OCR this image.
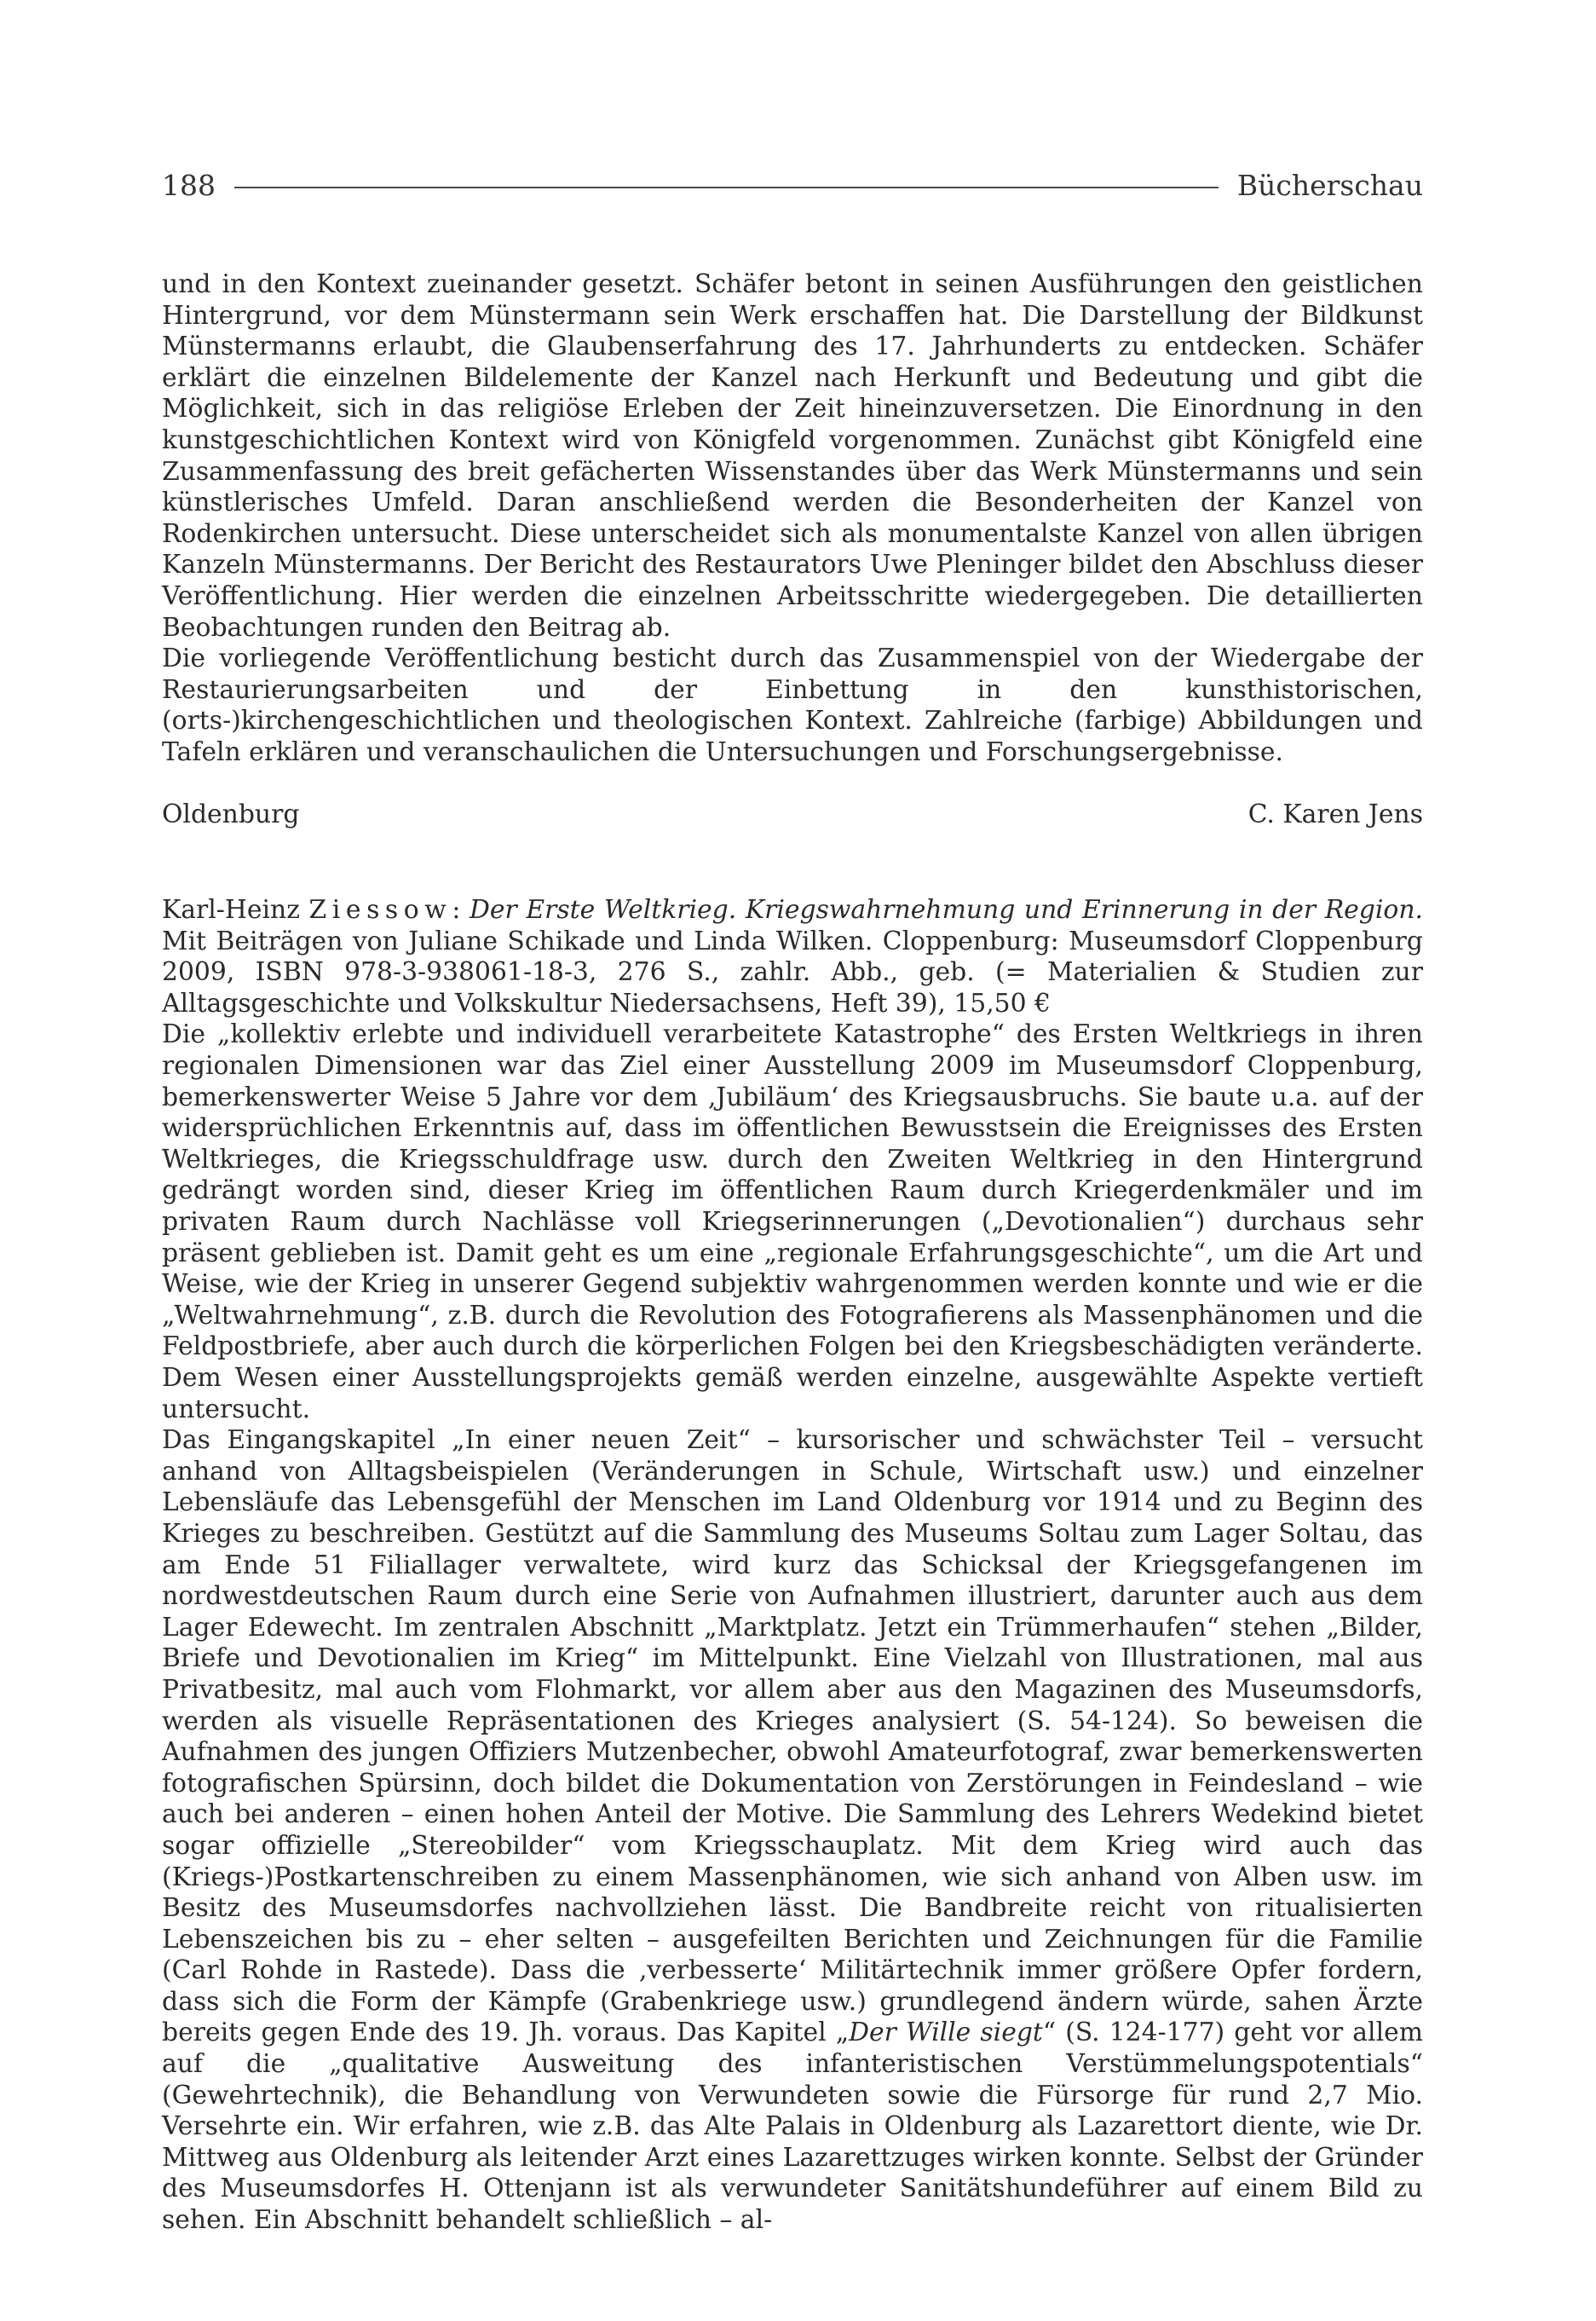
188	Bücherschau

und in den Kontext zueinander gesetzt. Schäfer betont in seinen Ausführungen den geistlichen Hintergrund, vor dem Münstermann sein Werk erschaffen hat. Die Darstellung der Bildkunst Münstermanns erlaubt, die Glaubenserfahrung des 17. Jahrhunderts zu entdecken. Schäfer erklärt die einzelnen Bildelemente der Kanzel nach Herkunft und Bedeutung und gibt die Möglichkeit, sich in das religiöse Erleben der Zeit hineinzuversetzen. Die Einordnung in den kunstgeschichtlichen Kontext wird von Königfeld vorgenommen. Zunächst gibt Königfeld eine Zusammenfassung des breit gefächerten Wissenstandes über das Werk Münstermanns und sein künstlerisches Umfeld. Daran anschließend werden die Besonderheiten der Kanzel von Rodenkirchen untersucht. Diese unterscheidet sich als monumentalste Kanzel von allen übrigen Kanzeln Münstermanns. Der Bericht des Restaurators Uwe Pleninger bildet den Abschluss dieser Veröffentlichung. Hier werden die einzelnen Arbeitsschritte wiedergegeben. Die detaillierten Beobachtungen runden den Beitrag ab.

Die vorliegende Veröffentlichung besticht durch das Zusammenspiel von der Wiedergabe der Restaurierungsarbeiten und der Einbettung in den kunsthistorischen, (orts-)kirchengeschichtlichen und theologischen Kontext. Zahlreiche (farbige) Abbildungen und Tafeln erklären und veranschaulichen die Untersuchungen und Forschungsergebnisse.

Oldenburg	C. Karen Jens

Karl-Heinz Ziessow: Der Erste Weltkrieg. Kriegswahrnehmung und Erinnerung in der Region. Mit Beiträgen von Juliane Schikade und Linda Wilken. Cloppenburg: Museumsdorf Cloppenburg 2009, ISBN 978-3-938061-18-3, 276 S., zahlr. Abb., geb. (= Materialien & Studien zur Alltagsgeschichte und Volkskultur Niedersachsens, Heft 39), 15,50 €

Die „kollektiv erlebte und individuell verarbeitete Katastrophe“ des Ersten Weltkriegs in ihren regionalen Dimensionen war das Ziel einer Ausstellung 2009 im Museumsdorf Cloppenburg, bemerkenswerter Weise 5 Jahre vor dem ‚Jubiläum‘ des Kriegsausbruchs. Sie baute u.a. auf der widersprüchlichen Erkenntnis auf, dass im öffentlichen Bewusstsein die Ereignisses des Ersten Weltkrieges, die Kriegsschuldfrage usw. durch den Zweiten Weltkrieg in den Hintergrund gedrängt worden sind, dieser Krieg im öffentlichen Raum durch Kriegerdenkmäler und im privaten Raum durch Nachlässe voll Kriegserinnerungen („Devotionalien“) durchaus sehr präsent geblieben ist. Damit geht es um eine „regionale Erfahrungsgeschichte“, um die Art und Weise, wie der Krieg in unserer Gegend subjektiv wahrgenommen werden konnte und wie er die „Weltwahrnehmung“, z.B. durch die Revolution des Fotografierens als Massenphänomen und die Feldpostbriefe, aber auch durch die körperlichen Folgen bei den Kriegsbeschädigten veränderte. Dem Wesen einer Ausstellungsprojekts gemäß werden einzelne, ausgewählte Aspekte vertieft untersucht.

Das Eingangskapitel „In einer neuen Zeit“ – kursorischer und schwächster Teil – versucht anhand von Alltagsbeispielen (Veränderungen in Schule, Wirtschaft usw.) und einzelner Lebensläufe das Lebensgefühl der Menschen im Land Oldenburg vor 1914 und zu Beginn des Krieges zu beschreiben. Gestützt auf die Sammlung des Museums Soltau zum Lager Soltau, das am Ende 51 Filiallager verwaltete, wird kurz das Schicksal der Kriegsgefangenen im nordwestdeutschen Raum durch eine Serie von Aufnahmen illustriert, darunter auch aus dem Lager Edewecht. Im zentralen Abschnitt „Marktplatz. Jetzt ein Trümmerhaufen“ stehen „Bilder, Briefe und Devotionalien im Krieg“ im Mittelpunkt. Eine Vielzahl von Illustrationen, mal aus Privatbesitz, mal auch vom Flohmarkt, vor allem aber aus den Magazinen des Museumsdorfs, werden als visuelle Repräsentationen des Krieges analysiert (S. 54-124). So beweisen die Aufnahmen des jungen Offiziers Mutzenbecher, obwohl Amateurfotograf, zwar bemerkenswerten fotografischen Spürsinn, doch bildet die Dokumentation von Zerstörungen in Feindesland – wie auch bei anderen – einen hohen Anteil der Motive. Die Sammlung des Lehrers Wedekind bietet sogar offizielle „Stereobilder“ vom Kriegsschauplatz. Mit dem Krieg wird auch das (Kriegs-)Postkartenschreiben zu einem Massenphänomen, wie sich anhand von Alben usw. im Besitz des Museumsdorfes nachvollziehen lässt. Die Bandbreite reicht von ritualisierten Lebenszeichen bis zu – eher selten – ausgefeilten Berichten und Zeichnungen für die Familie (Carl Rohde in Rastede). Dass die ‚verbesserte‘ Militärtechnik immer größere Opfer fordern, dass sich die Form der Kämpfe (Grabenkriege usw.) grundlegend ändern würde, sahen Ärzte bereits gegen Ende des 19. Jh. voraus. Das Kapitel „Der Wille siegt“ (S. 124-177) geht vor allem auf die „qualitative Ausweitung des infanteristischen Verstümmelungspotentials“ (Gewehrtechnik), die Behandlung von Verwundeten sowie die Fürsorge für rund 2,7 Mio. Versehrte ein. Wir erfahren, wie z.B. das Alte Palais in Oldenburg als Lazarettort diente, wie Dr. Mittweg aus Oldenburg als leitender Arzt eines Lazarettzuges wirken konnte. Selbst der Gründer des Museumsdorfes H. Ottenjann ist als verwundeter Sanitätshundeführer auf einem Bild zu sehen. Ein Abschnitt behandelt schließlich – al-
